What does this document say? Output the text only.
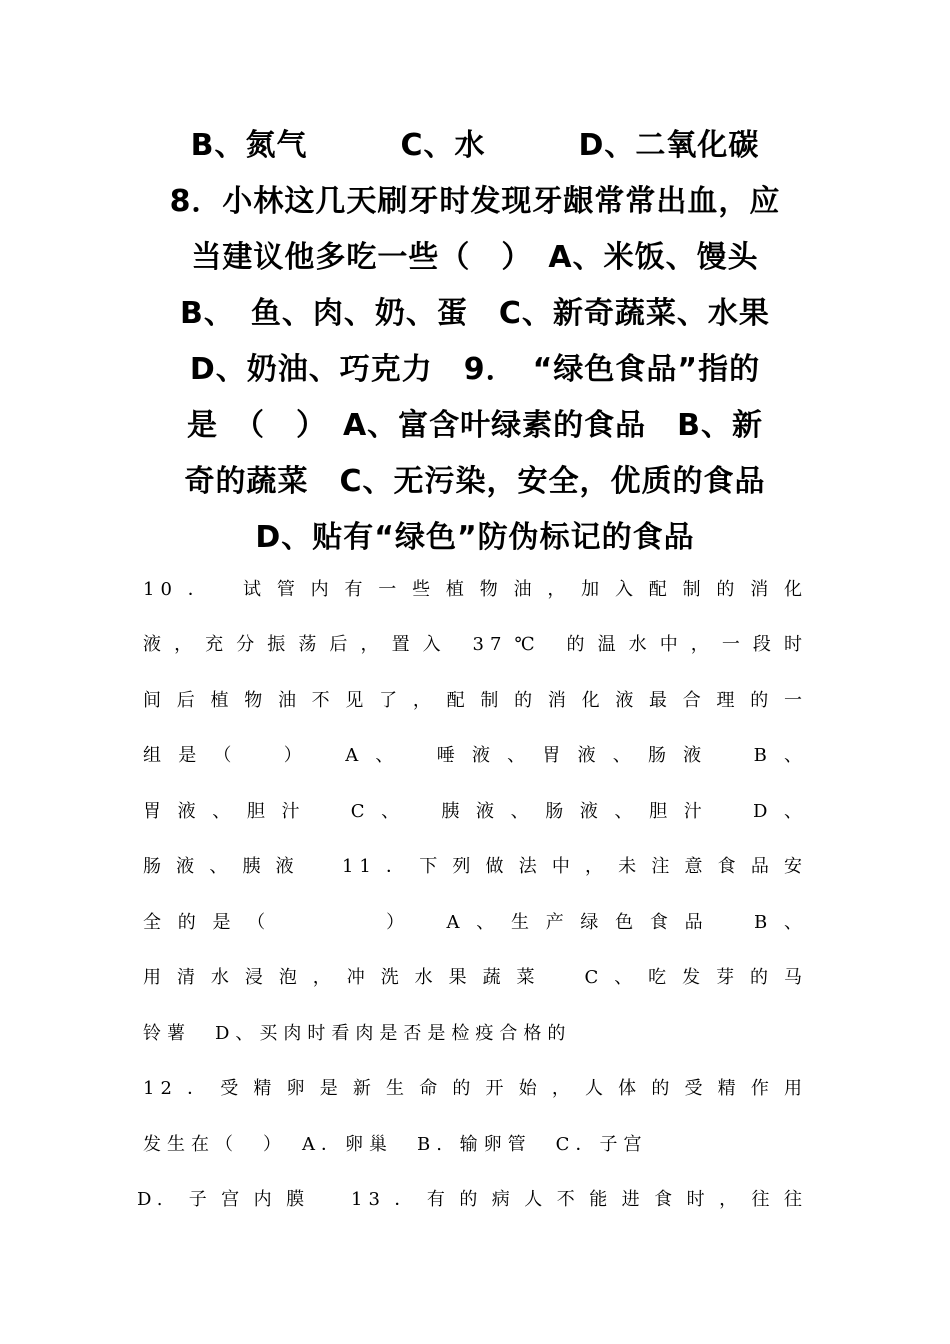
B、氮气　　　C、水　　　D、二氧化碳
8．小林这几天刷牙时发现牙龈常常出血，应
当建议他多吃一些（　）　A、米饭、馒头
B、　鱼、肉、奶、蛋　C、新奇蔬菜、水果
D、奶油、巧克力　9．　“绿色食品”指的
是　（　）　A、富含叶绿素的食品　B、新
奇的蔬菜　C、无污染，安全，优质的食品
D、贴有“绿色”防伪标记的食品
10． 试管内有一些植物油，加入配制的消化
液，充分振荡后，置入 37℃ 的温水中，一段时
间后植物油不见了，配制的消化液最合理的一
组是（　）　A、　唾液、胃液、肠液　B、
胃液、胆汁　C、　胰液、肠液、胆汁　D、
肠液、胰液　11．下列做法中，未注意食品安
全的是（　　　）　A、生产绿色食品　B、
用清水浸泡，冲洗水果蔬菜　C、吃发芽的马
铃薯　D、买肉时看肉是否是检疫合格的
12．受精卵是新生命的开始，人体的受精作用
发生在（　）　A．卵巢　B. 输卵管　C．子宫
D. 子宫内膜　13．有的病人不能进食时，往往
